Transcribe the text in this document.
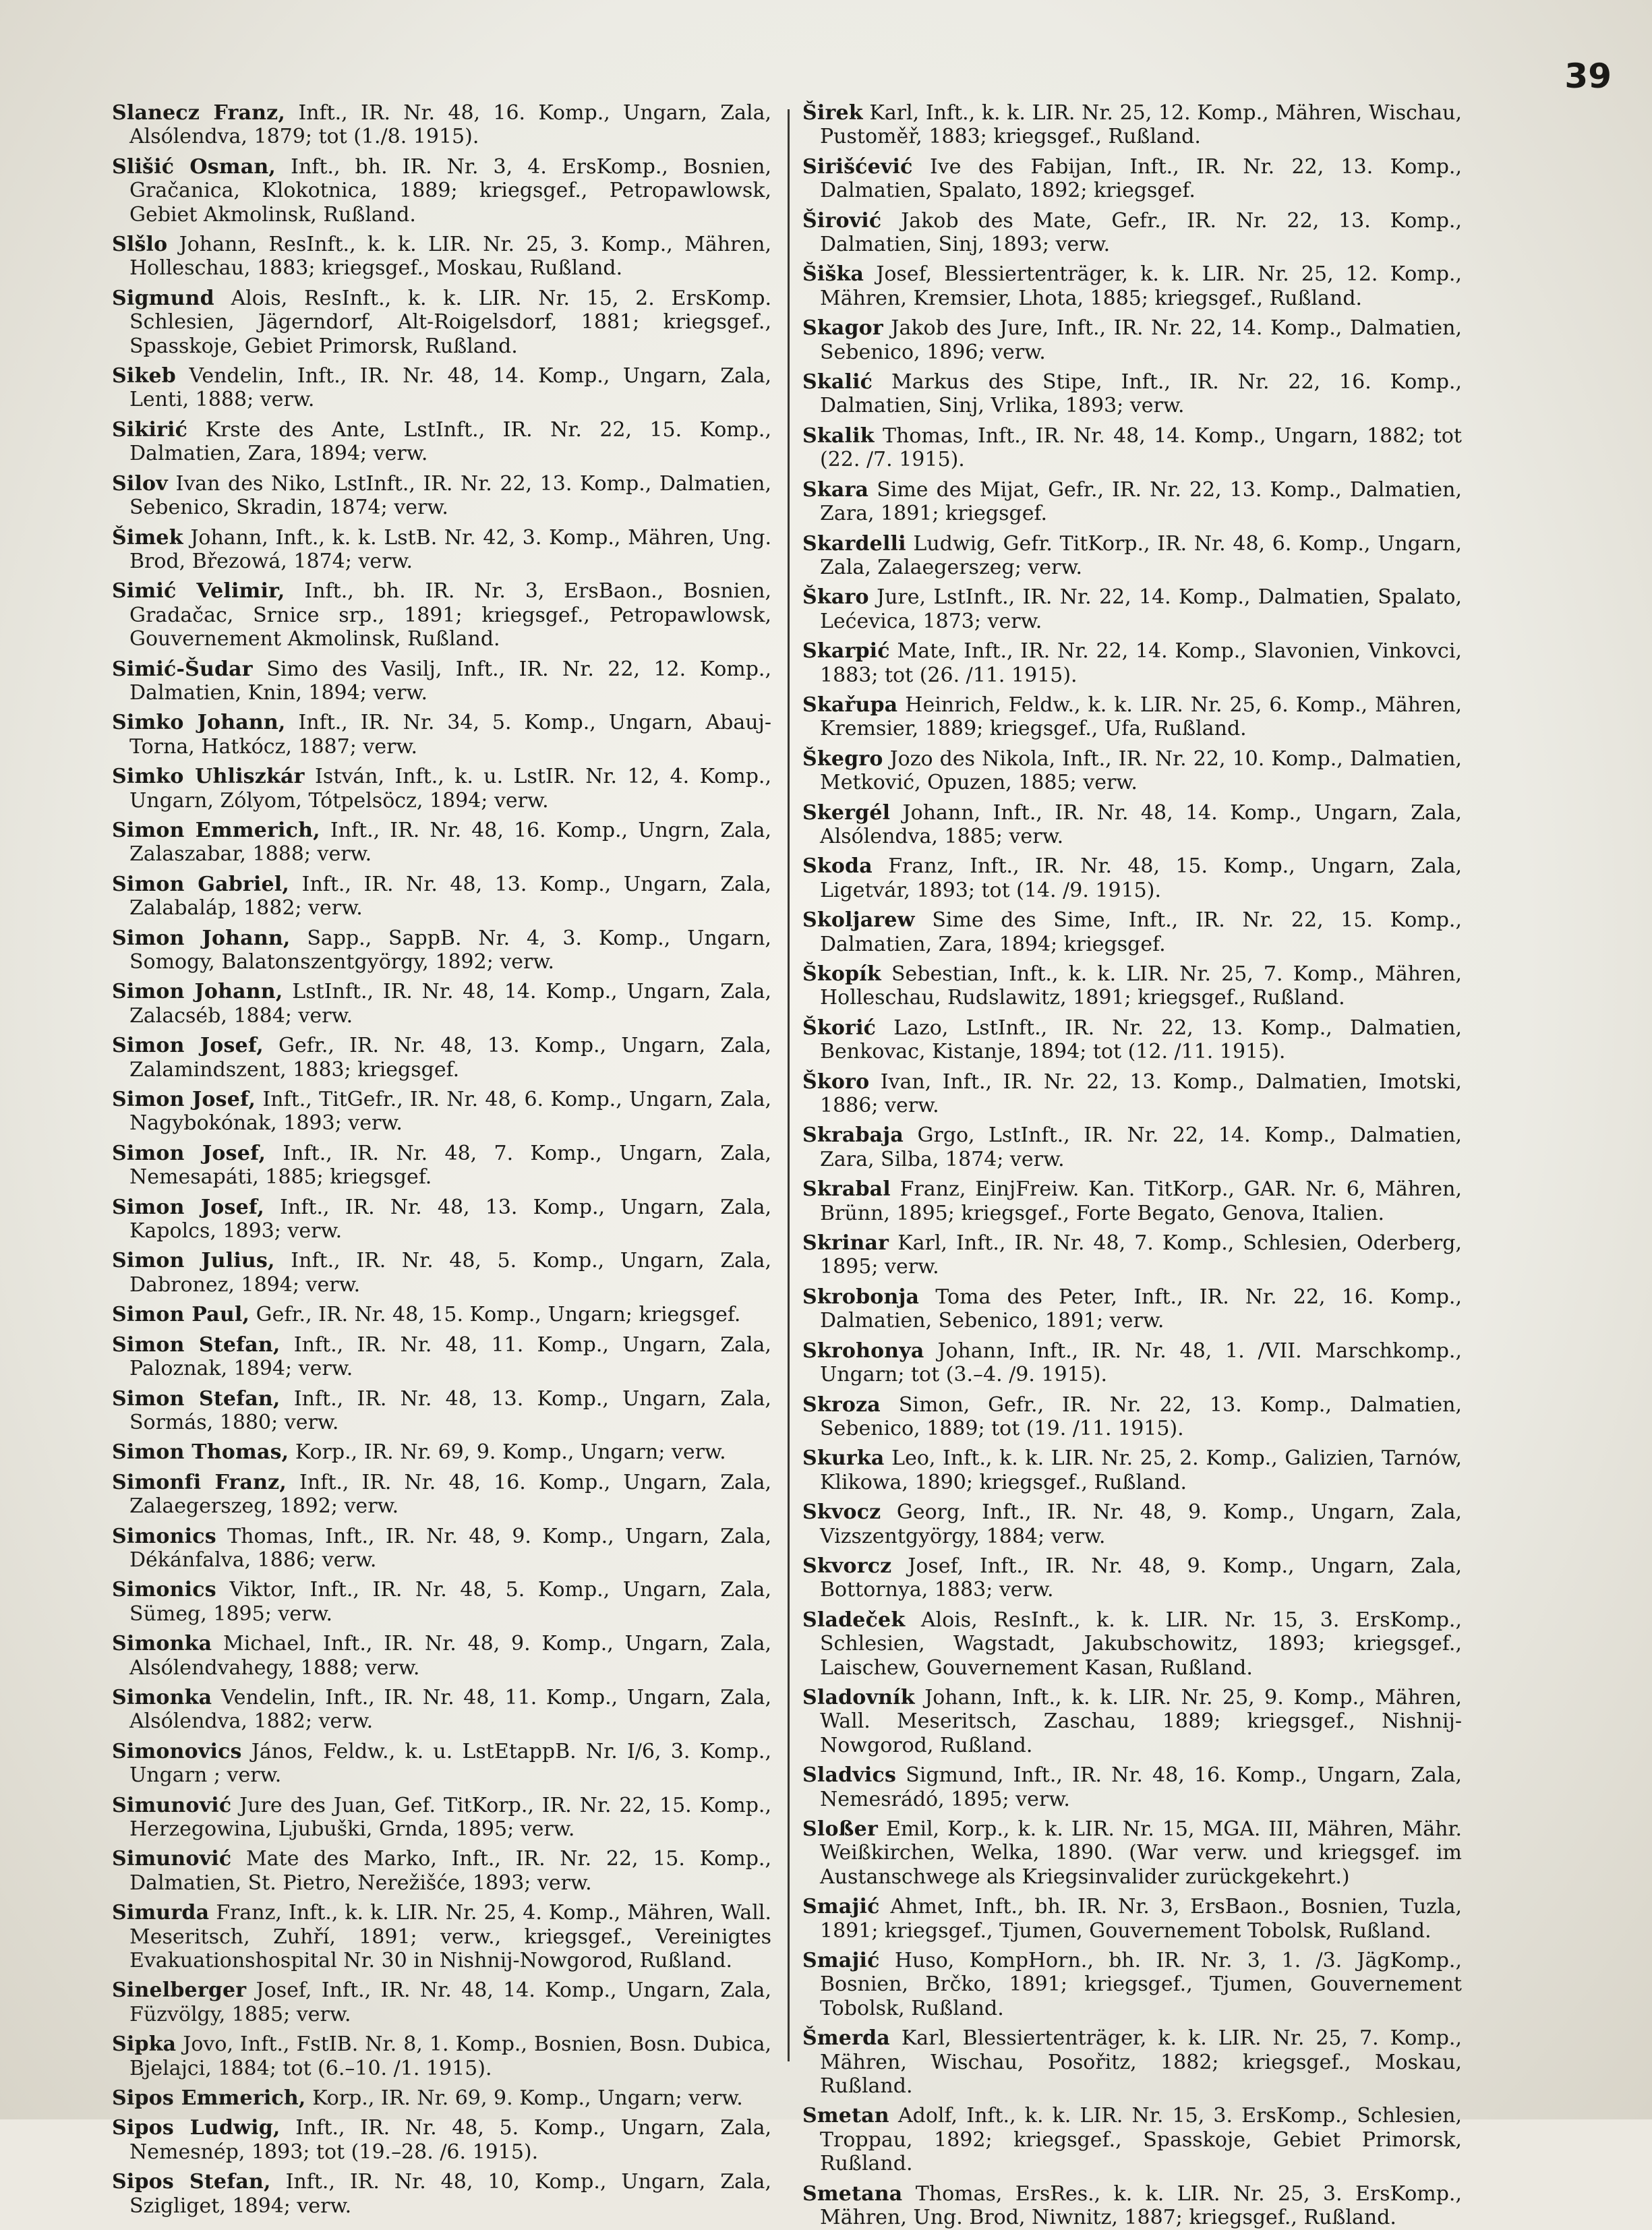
39

Slanecz Franz, Inft., IR. Nr. 48, 16. Komp., Ungarn, Zala, Alsólendva, 1879; tot (1./8. 1915).

Slišić Osman, Inft., bh. IR. Nr. 3, 4. ErsKomp., Bosnien, Gračanica, Klokotnica, 1889; kriegsgef., Petropawlowsk, Gebiet Akmolinsk, Rußland.

Slšlo Johann, ResInft., k. k. LIR. Nr. 25, 3. Komp., Mähren, Holleschau, 1883; kriegsgef., Moskau, Rußland.

Sigmund Alois, ResInft., k. k. LIR. Nr. 15, 2. ErsKomp. Schlesien, Jägerndorf, Alt-Roigelsdorf, 1881; kriegsgef., Spasskoje, Gebiet Primorsk, Rußland.

Sikeb Vendelin, Inft., IR. Nr. 48, 14. Komp., Ungarn, Zala, Lenti, 1888; verw.

Sikirić Krste des Ante, LstInft., IR. Nr. 22, 15. Komp., Dalmatien, Zara, 1894; verw.

Silov Ivan des Niko, LstInft., IR. Nr. 22, 13. Komp., Dalmatien, Sebenico, Skradin, 1874; verw.

Šimek Johann, Inft., k. k. LstB. Nr. 42, 3. Komp., Mähren, Ung. Brod, Březowá, 1874; verw.

Simić Velimir, Inft., bh. IR. Nr. 3, ErsBaon., Bosnien, Gradačac, Srnice srp., 1891; kriegsgef., Petropawlowsk, Gouvernement Akmolinsk, Rußland.

Simić-Šudar Simo des Vasilj, Inft., IR. Nr. 22, 12. Komp., Dalmatien, Knin, 1894; verw.

Simko Johann, Inft., IR. Nr. 34, 5. Komp., Ungarn, Abauj-Torna, Hatkócz, 1887; verw.

Simko Uhliszkár István, Inft., k. u. LstIR. Nr. 12, 4. Komp., Ungarn, Zólyom, Tótpelsöcz, 1894; verw.

Simon Emmerich, Inft., IR. Nr. 48, 16. Komp., Ungrn, Zala, Zalaszabar, 1888; verw.

Simon Gabriel, Inft., IR. Nr. 48, 13. Komp., Ungarn, Zala, Zalabaláp, 1882; verw.

Simon Johann, Sapp., SappB. Nr. 4, 3. Komp., Ungarn, Somogy, Balatonszentgyörgy, 1892; verw.

Simon Johann, LstInft., IR. Nr. 48, 14. Komp., Ungarn, Zala, Zalacséb, 1884; verw.

Simon Josef, Gefr., IR. Nr. 48, 13. Komp., Ungarn, Zala, Zalamindszent, 1883; kriegsgef.

Simon Josef, Inft., TitGefr., IR. Nr. 48, 6. Komp., Ungarn, Zala, Nagybokónak, 1893; verw.

Simon Josef, Inft., IR. Nr. 48, 7. Komp., Ungarn, Zala, Nemesapáti, 1885; kriegsgef.

Simon Josef, Inft., IR. Nr. 48, 13. Komp., Ungarn, Zala, Kapolcs, 1893; verw.

Simon Julius, Inft., IR. Nr. 48, 5. Komp., Ungarn, Zala, Dabronez, 1894; verw.

Simon Paul, Gefr., IR. Nr. 48, 15. Komp., Ungarn; kriegsgef.

Simon Stefan, Inft., IR. Nr. 48, 11. Komp., Ungarn, Zala, Paloznak, 1894; verw.

Simon Stefan, Inft., IR. Nr. 48, 13. Komp., Ungarn, Zala, Sormás, 1880; verw.

Simon Thomas, Korp., IR. Nr. 69, 9. Komp., Ungarn; verw.

Simonfi Franz, Inft., IR. Nr. 48, 16. Komp., Ungarn, Zala, Zalaegerszeg, 1892; verw.

Simonics Thomas, Inft., IR. Nr. 48, 9. Komp., Ungarn, Zala, Dékánfalva, 1886; verw.

Simonics Viktor, Inft., IR. Nr. 48, 5. Komp., Ungarn, Zala, Sümeg, 1895; verw.

Simonka Michael, Inft., IR. Nr. 48, 9. Komp., Ungarn, Zala, Alsólendvahegy, 1888; verw.

Simonka Vendelin, Inft., IR. Nr. 48, 11. Komp., Ungarn, Zala, Alsólendva, 1882; verw.

Simonovics János, Feldw., k. u. LstEtappB. Nr. I/6, 3. Komp., Ungarn ; verw.

Simunović Jure des Juan, Gef. TitKorp., IR. Nr. 22, 15. Komp., Herzegowina, Ljubuški, Grnda, 1895; verw.

Simunović Mate des Marko, Inft., IR. Nr. 22, 15. Komp., Dalmatien, St. Pietro, Nerežišće, 1893; verw.

Simurda Franz, Inft., k. k. LIR. Nr. 25, 4. Komp., Mähren, Wall. Meseritsch, Zuhří, 1891; verw., kriegsgef., Vereinigtes Evakuationshospital Nr. 30 in Nishnij-Nowgorod, Rußland.

Sinelberger Josef, Inft., IR. Nr. 48, 14. Komp., Ungarn, Zala, Füzvölgy, 1885; verw.

Sipka Jovo, Inft., FstIB. Nr. 8, 1. Komp., Bosnien, Bosn. Dubica, Bjelajci, 1884; tot (6.–10. /1. 1915).

Sipos Emmerich, Korp., IR. Nr. 69, 9. Komp., Ungarn; verw.

Sipos Ludwig, Inft., IR. Nr. 48, 5. Komp., Ungarn, Zala, Nemesnép, 1893; tot (19.–28. /6. 1915).

Sipos Stefan, Inft., IR. Nr. 48, 10, Komp., Ungarn, Zala, Szigliget, 1894; verw.

Širek Karl, Inft., k. k. LIR. Nr. 25, 12. Komp., Mähren, Wischau, Pustoměř, 1883; kriegsgef., Rußland.

Sirišćević Ive des Fabijan, Inft., IR. Nr. 22, 13. Komp., Dalmatien, Spalato, 1892; kriegsgef.

Širović Jakob des Mate, Gefr., IR. Nr. 22, 13. Komp., Dalmatien, Sinj, 1893; verw.

Šiška Josef, Blessiertenträger, k. k. LIR. Nr. 25, 12. Komp., Mähren, Kremsier, Lhota, 1885; kriegsgef., Rußland.

Skagor Jakob des Jure, Inft., IR. Nr. 22, 14. Komp., Dalmatien, Sebenico, 1896; verw.

Skalić Markus des Stipe, Inft., IR. Nr. 22, 16. Komp., Dalmatien, Sinj, Vrlika, 1893; verw.

Skalik Thomas, Inft., IR. Nr. 48, 14. Komp., Ungarn, 1882; tot (22. /7. 1915).

Skara Sime des Mijat, Gefr., IR. Nr. 22, 13. Komp., Dalmatien, Zara, 1891; kriegsgef.

Skardelli Ludwig, Gefr. TitKorp., IR. Nr. 48, 6. Komp., Ungarn, Zala, Zalaegerszeg; verw.

Škaro Jure, LstInft., IR. Nr. 22, 14. Komp., Dalmatien, Spalato, Lećevica, 1873; verw.

Skarpić Mate, Inft., IR. Nr. 22, 14. Komp., Slavonien, Vinkovci, 1883; tot (26. /11. 1915).

Skařupa Heinrich, Feldw., k. k. LIR. Nr. 25, 6. Komp., Mähren, Kremsier, 1889; kriegsgef., Ufa, Rußland.

Škegro Jozo des Nikola, Inft., IR. Nr. 22, 10. Komp., Dalmatien, Metković, Opuzen, 1885; verw.

Skergél Johann, Inft., IR. Nr. 48, 14. Komp., Ungarn, Zala, Alsólendva, 1885; verw.

Skoda Franz, Inft., IR. Nr. 48, 15. Komp., Ungarn, Zala, Ligetvár, 1893; tot (14. /9. 1915).

Skoljarew Sime des Sime, Inft., IR. Nr. 22, 15. Komp., Dalmatien, Zara, 1894; kriegsgef.

Škopík Sebestian, Inft., k. k. LIR. Nr. 25, 7. Komp., Mähren, Holleschau, Rudslawitz, 1891; kriegsgef., Rußland.

Škorić Lazo, LstInft., IR. Nr. 22, 13. Komp., Dalmatien, Benkovac, Kistanje, 1894; tot (12. /11. 1915).

Škoro Ivan, Inft., IR. Nr. 22, 13. Komp., Dalmatien, Imotski, 1886; verw.

Skrabaja Grgo, LstInft., IR. Nr. 22, 14. Komp., Dalmatien, Zara, Silba, 1874; verw.

Skrabal Franz, EinjFreiw. Kan. TitKorp., GAR. Nr. 6, Mähren, Brünn, 1895; kriegsgef., Forte Begato, Genova, Italien.

Skrinar Karl, Inft., IR. Nr. 48, 7. Komp., Schlesien, Oderberg, 1895; verw.

Skrobonja Toma des Peter, Inft., IR. Nr. 22, 16. Komp., Dalmatien, Sebenico, 1891; verw.

Skrohonya Johann, Inft., IR. Nr. 48, 1. /VII. Marschkomp., Ungarn; tot (3.–4. /9. 1915).

Skroza Simon, Gefr., IR. Nr. 22, 13. Komp., Dalmatien, Sebenico, 1889; tot (19. /11. 1915).

Skurka Leo, Inft., k. k. LIR. Nr. 25, 2. Komp., Galizien, Tarnów, Klikowa, 1890; kriegsgef., Rußland.

Skvocz Georg, Inft., IR. Nr. 48, 9. Komp., Ungarn, Zala, Vizszentgyörgy, 1884; verw.

Skvorcz Josef, Inft., IR. Nr. 48, 9. Komp., Ungarn, Zala, Bottornya, 1883; verw.

Sladeček Alois, ResInft., k. k. LIR. Nr. 15, 3. ErsKomp., Schlesien, Wagstadt, Jakubschowitz, 1893; kriegsgef., Laischew, Gouvernement Kasan, Rußland.

Sladovník Johann, Inft., k. k. LIR. Nr. 25, 9. Komp., Mähren, Wall. Meseritsch, Zaschau, 1889; kriegsgef., Nishnij-Nowgorod, Rußland.

Sladvics Sigmund, Inft., IR. Nr. 48, 16. Komp., Ungarn, Zala, Nemesrádó, 1895; verw.

Sloßer Emil, Korp., k. k. LIR. Nr. 15, MGA. III, Mähren, Mähr. Weißkirchen, Welka, 1890. (War verw. und kriegsgef. im Austanschwege als Kriegsinvalider zurückgekehrt.)

Smajić Ahmet, Inft., bh. IR. Nr. 3, ErsBaon., Bosnien, Tuzla, 1891; kriegsgef., Tjumen, Gouvernement Tobolsk, Rußland.

Smajić Huso, KompHorn., bh. IR. Nr. 3, 1. /3. JägKomp., Bosnien, Brčko, 1891; kriegsgef., Tjumen, Gouvernement Tobolsk, Rußland.

Šmerda Karl, Blessiertenträger, k. k. LIR. Nr. 25, 7. Komp., Mähren, Wischau, Posořitz, 1882; kriegsgef., Moskau, Rußland.

Smetan Adolf, Inft., k. k. LIR. Nr. 15, 3. ErsKomp., Schlesien, Troppau, 1892; kriegsgef., Spasskoje, Gebiet Primorsk, Rußland.

Smetana Thomas, ErsRes., k. k. LIR. Nr. 25, 3. ErsKomp., Mähren, Ung. Brod, Niwnitz, 1887; kriegsgef., Rußland.
